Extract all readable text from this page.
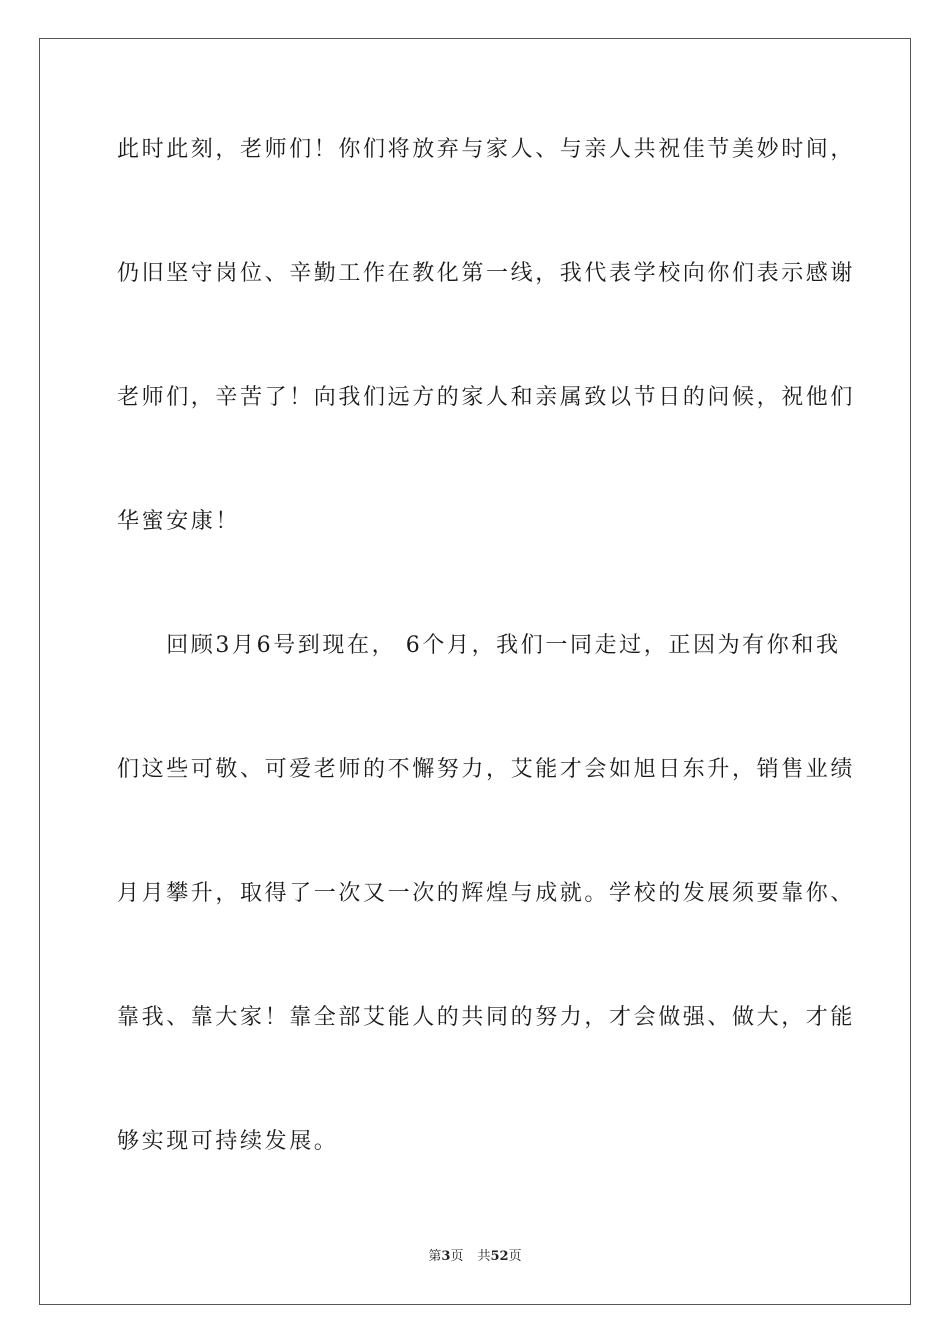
此时此刻，老师们！你们将放弃与家人、与亲人共祝佳节美妙时间，

仍旧坚守岗位、辛勤工作在教化第一线，我代表学校向你们表示感谢

老师们，辛苦了！向我们远方的家人和亲属致以节日的问候，祝他们

华蜜安康！

　　回顾3月6号到现在， 6个月，我们一同走过，正因为有你和我

们这些可敬、可爱老师的不懈努力，艾能才会如旭日东升，销售业绩

月月攀升，取得了一次又一次的辉煌与成就。学校的发展须要靠你、

靠我、靠大家！靠全部艾能人的共同的努力，才会做强、做大，才能

够实现可持续发展。

第3页 共52页
